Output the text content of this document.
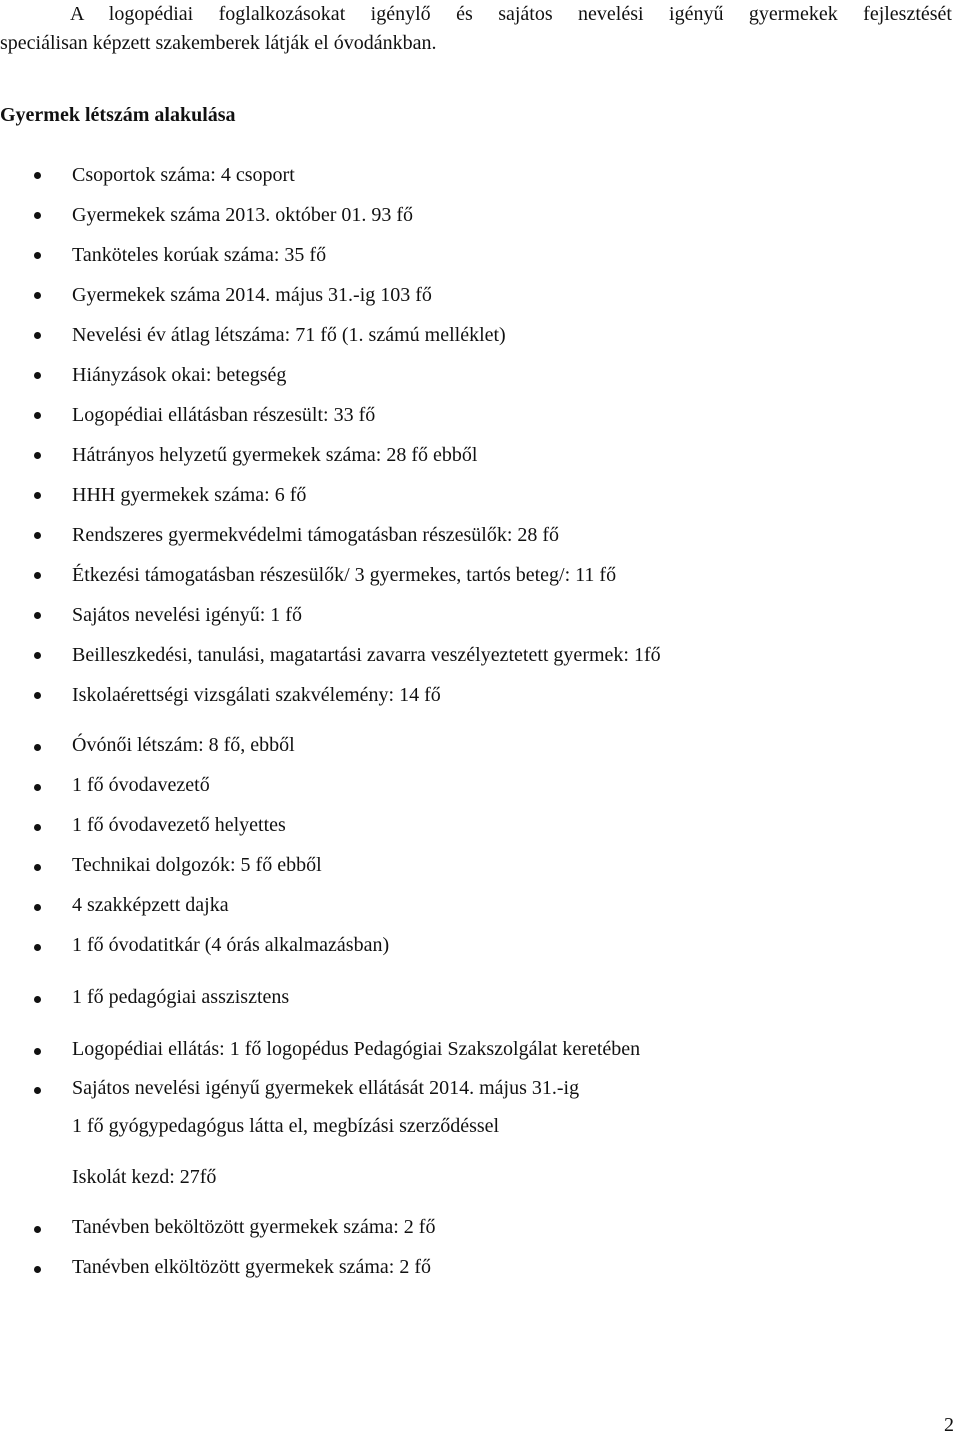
A logopédiai foglalkozásokat igénylő és sajátos nevelési igényű gyermekek fejlesztését
speciálisan képzett szakemberek látják el óvodánkban.

Gyermek létszám alakulása

Csoportok száma: 4 csoport

Gyermekek száma 2013. október 01. 93 fő

Tanköteles korúak száma: 35 fő

Gyermekek száma 2014. május 31.-ig 103 fő

Nevelési év átlag létszáma: 71 fő (1. számú melléklet)

Hiányzások okai: betegség

Logopédiai ellátásban részesült: 33 fő

Hátrányos helyzetű gyermekek száma: 28 fő ebből

HHH gyermekek száma: 6 fő

Rendszeres gyermekvédelmi támogatásban részesülők: 28 fő

Étkezési támogatásban részesülők/ 3 gyermekes, tartós beteg/: 11 fő

Sajátos nevelési igényű: 1 fő

Beilleszkedési, tanulási, magatartási zavarra veszélyeztetett gyermek: 1fő

Iskolaérettségi vizsgálati szakvélemény: 14 fő

Óvónői létszám: 8 fő, ebből

1 fő óvodavezető

1 fő óvodavezető helyettes

Technikai dolgozók: 5 fő ebből

4 szakképzett dajka

1 fő óvodatitkár (4 órás alkalmazásban)

1 fő pedagógiai asszisztens

Logopédiai ellátás: 1 fő logopédus Pedagógiai Szakszolgálat keretében

Sajátos nevelési igényű gyermekek ellátását 2014. május 31.-ig

1 fő gyógypedagógus látta el, megbízási szerződéssel

Iskolát kezd: 27fő

Tanévben beköltözött gyermekek száma: 2 fő

Tanévben elköltözött gyermekek száma: 2 fő

2
